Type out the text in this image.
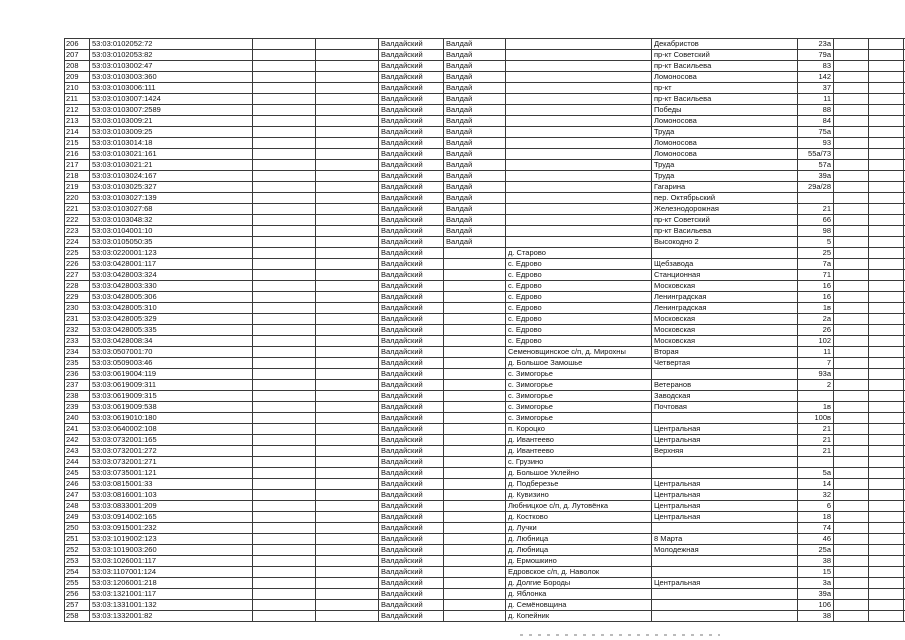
206	53:03:0102052:72			Валдайский	Валдай		Декабристов	23а			
207	53:03:0102053:82			Валдайский	Валдай		пр-кт Советский	79а			
208	53:03:0103002:47			Валдайский	Валдай		пр-кт Васильева	83			
209	53:03:0103003:360			Валдайский	Валдай		Ломоносова	142			
210	53:03:0103006:111			Валдайский	Валдай		пр-кт	37			
211	53:03:0103007:1424			Валдайский	Валдай		пр-кт Васильева	11			
212	53:03:0103007:2589			Валдайский	Валдай		Победы	88			
213	53:03:0103009:21			Валдайский	Валдай		Ломоносова	84			
214	53:03:0103009:25			Валдайский	Валдай		Труда	75а			
215	53:03:0103014:18			Валдайский	Валдай		Ломоносова	93			
216	53:03:0103021:161			Валдайский	Валдай		Ломоносова	55а/73			
217	53:03:0103021:21			Валдайский	Валдай		Труда	57а			
218	53:03:0103024:167			Валдайский	Валдай		Труда	39а			
219	53:03:0103025:327			Валдайский	Валдай		Гагарина	29а/28			
220	53:03:0103027:139			Валдайский	Валдай		пер. Октябрьский				
221	53:03:0103027:68			Валдайский	Валдай		Железнодорожная	21			
222	53:03:0103048:32			Валдайский	Валдай		пр-кт Советский	66			
223	53:03:0104001:10			Валдайский	Валдай		пр-кт Васильева	98			
224	53:03:0105050:35			Валдайский	Валдай		Высокодно 2	5			
225	53:03:0220001:123			Валдайский		д. Старово		25			
226	53:03:0428001:117			Валдайский		с. Едрово	Щебзавода	7а			
227	53:03:0428003:324			Валдайский		с. Едрово	Станционная	71			
228	53:03:0428003:330			Валдайский		с. Едрово	Московская	16			
229	53:03:0428005:306			Валдайский		с. Едрово	Ленинградская	16			
230	53:03:0428005:310			Валдайский		с. Едрово	Ленинградская	1в			
231	53:03:0428005:329			Валдайский		с. Едрово	Московская	2а			
232	53:03:0428005:335			Валдайский		с. Едрово	Московская	26			
233	53:03:0428008:34			Валдайский		с. Едрово	Московская	102			
234	53:03:0507001:70			Валдайский		Семеновщинское с/п, д. Мирохны	Вторая	11			
235	53:03:0509003:46			Валдайский		д. Большое Замошье	Четвертая	7			
236	53:03:0619004:119			Валдайский		с. Зимогорье		93а			
237	53:03:0619009:311			Валдайский		с. Зимогорье	Ветеранов	2			
238	53:03:0619009:315			Валдайский		с. Зимогорье	Заводская				
239	53:03:0619009:538			Валдайский		с. Зимогорье	Почтовая	1в			
240	53:03:0619010:180			Валдайский		с. Зимогорье		100в			
241	53:03:0640002:108			Валдайский		п. Короцко	Центральная	21			
242	53:03:0732001:165			Валдайский		д. Ивантеево	Центральная	21			
243	53:03:0732001:272			Валдайский		д. Ивантеево	Верхняя	21			
244	53:03:0732001:271			Валдайский		с. Грузино					
245	53:03:0735001:121			Валдайский		д. Большое Уклейно		5а			
246	53:03:0815001:33			Валдайский		д. Подберезье	Центральная	14			
247	53:03:0816001:103			Валдайский		д. Кувизино	Центральная	32			
248	53:03:0833001:209			Валдайский		Любницкое с/п, д. Лутовёнка	Центральная	6			
249	53:03:0914002:165			Валдайский		д. Костково	Центральная	18			
250	53:03:0915001:232			Валдайский		д. Лучки		74			
251	53:03:1019002:123			Валдайский		д. Любница	8 Марта	46			
252	53:03:1019003:260			Валдайский		д. Любница	Молодежная	25а			
253	53:03:1026001:117			Валдайский		д. Ермошкино		38			
254	53:03:1107001:124			Валдайский		Едровское с/п, д. Наволок		15			
255	53:03:1206001:218			Валдайский		д. Долгие Бороды	Центральная	3а			
256	53:03:1321001:117			Валдайский		д. Яблонка		39а			
257	53:03:1331001:132			Валдайский		д. Семёновщина		106			
258	53:03:1332001:82			Валдайский		д. Копейник		38			
